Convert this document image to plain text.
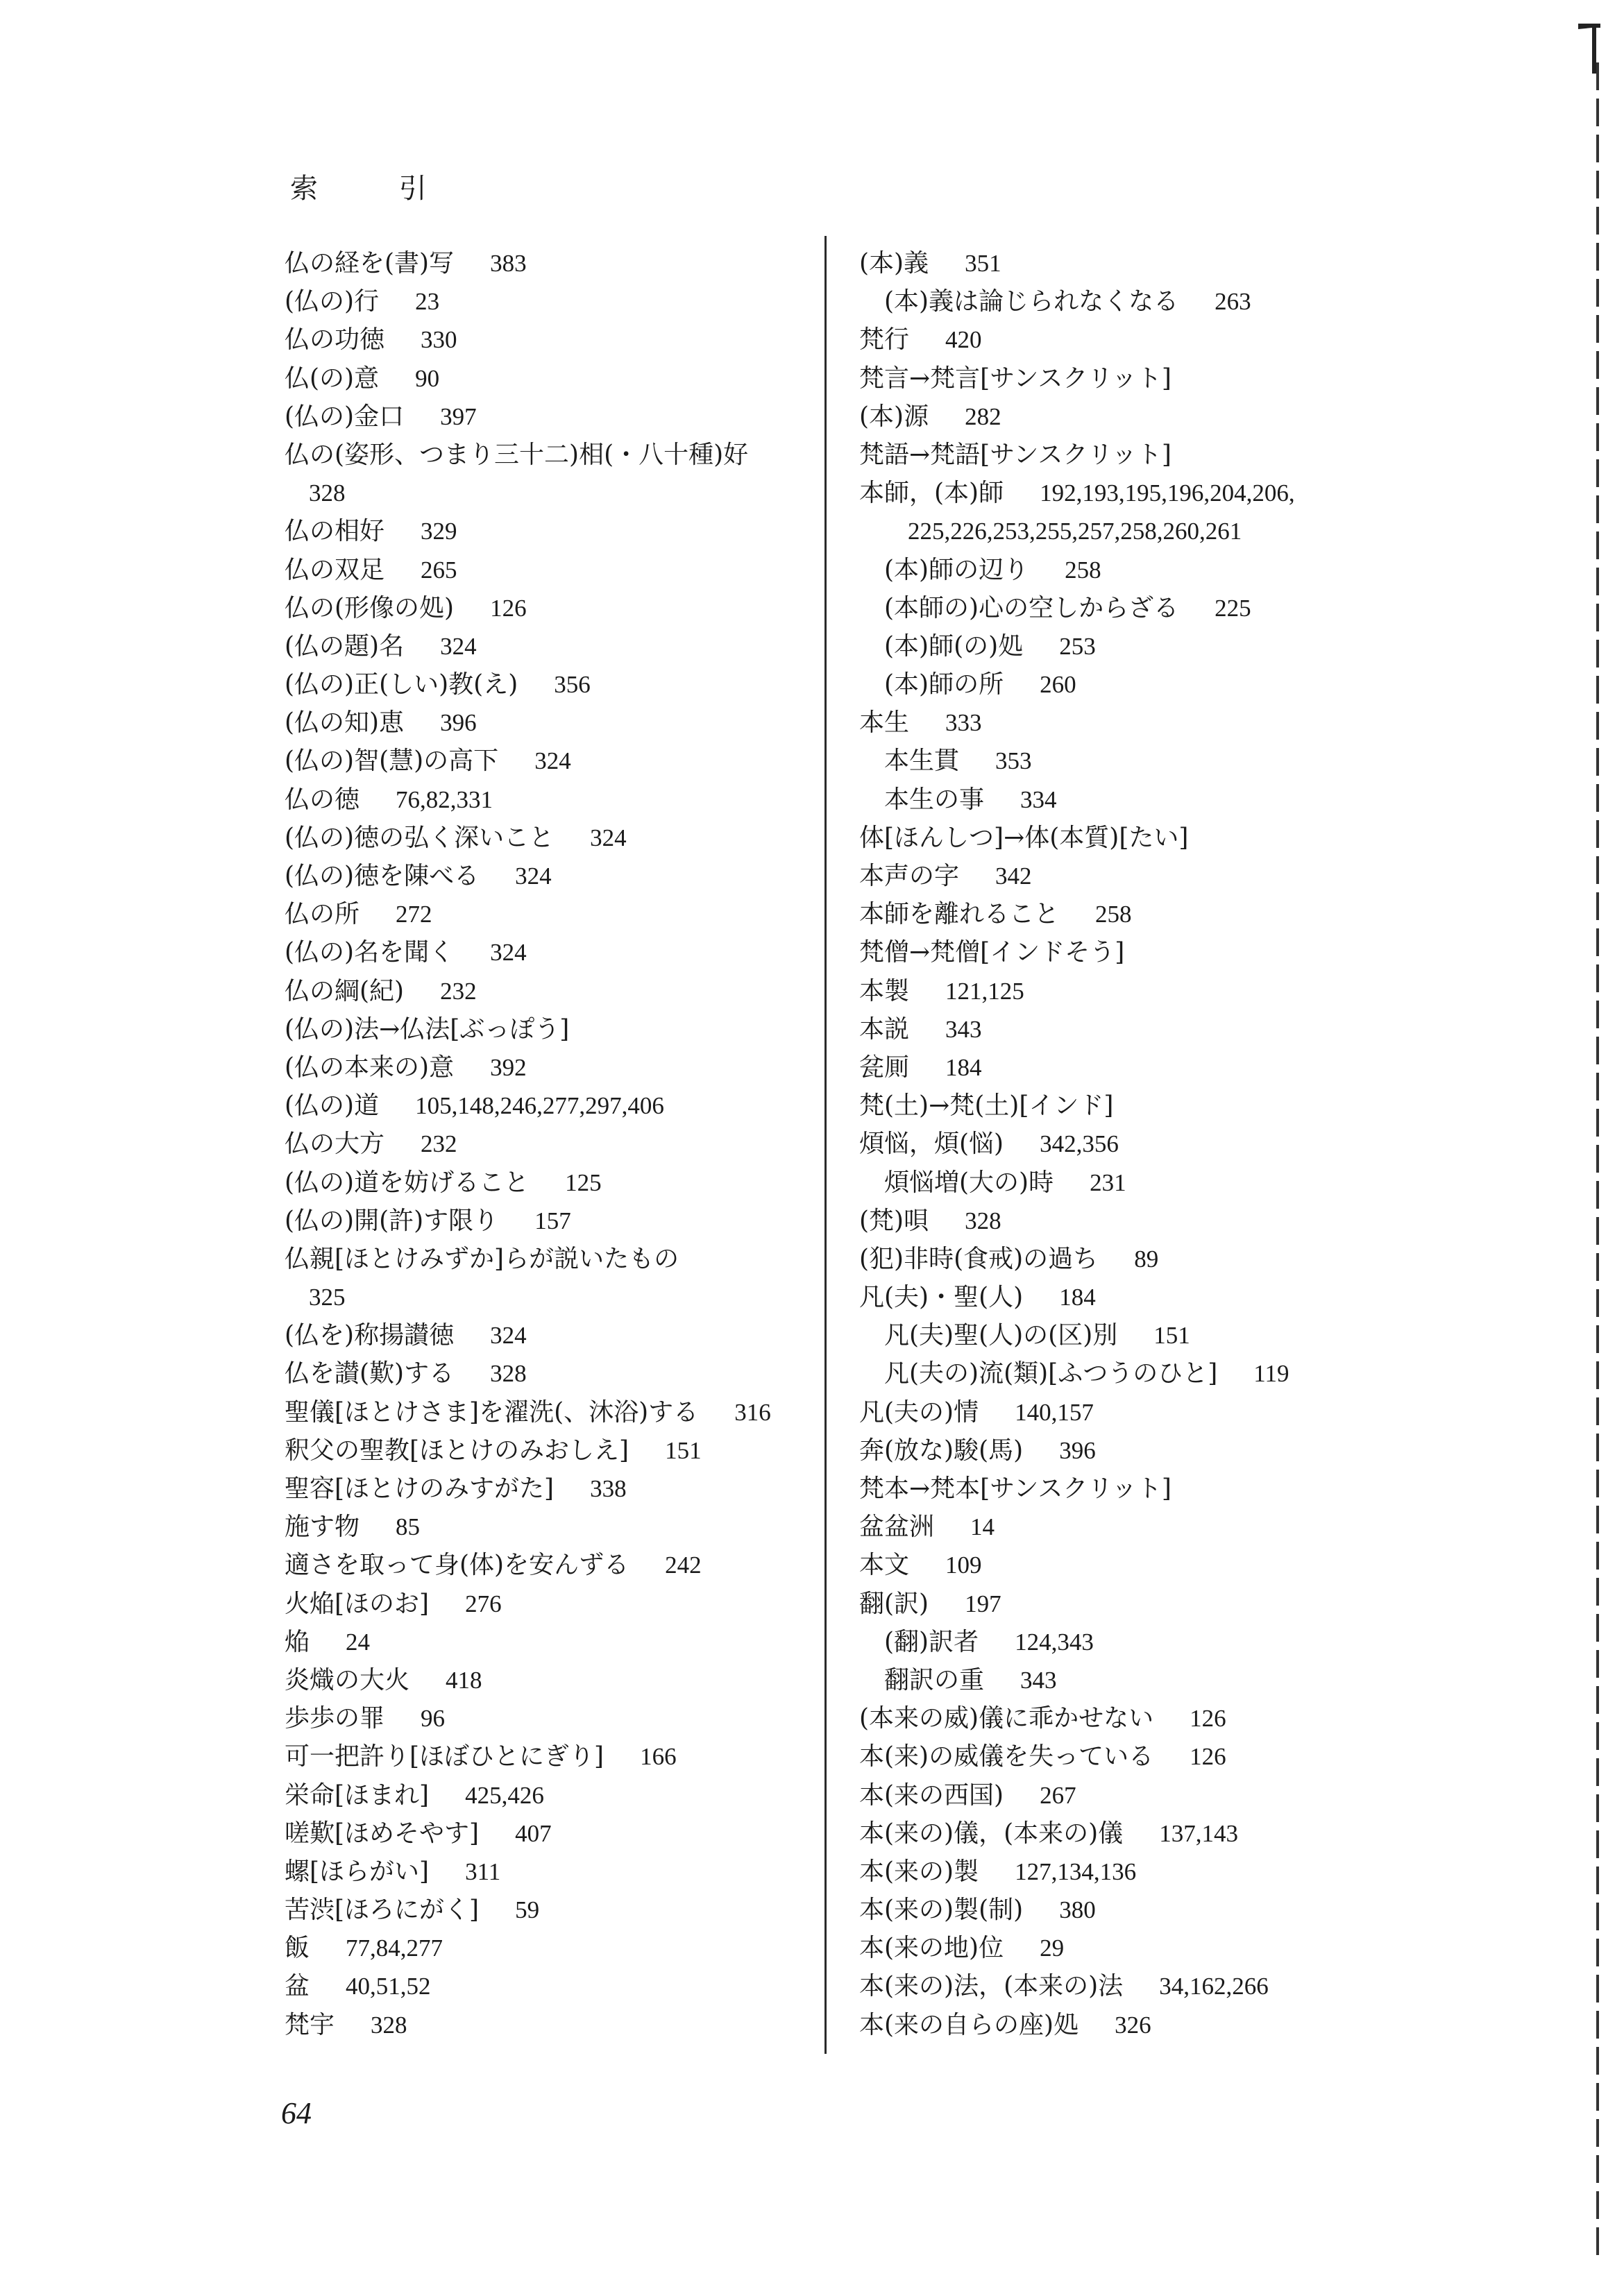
索 引
仏の経を(書)写 383
(仏の)行 23
仏の功徳 330
仏(の)意 90
(仏の)金口 397
仏の(姿形、つまり三十二)相(・八十種)好
328
仏の相好 329
仏の双足 265
仏の(形像の処) 126
(仏の題)名 324
(仏の)正(しい)教(え) 356
(仏の知)恵 396
(仏の)智(慧)の高下 324
仏の徳 76,82,331
(仏の)徳の弘く深いこと 324
(仏の)徳を陳べる 324
仏の所 272
(仏の)名を聞く 324
仏の綱(紀) 232
(仏の)法→仏法[ぶっぽう]
(仏の本来の)意 392
(仏の)道 105,148,246,277,297,406
仏の大方 232
(仏の)道を妨げること 125
(仏の)開(許)す限り 157
仏親[ほとけみずか]らが説いたもの
325
(仏を)称揚讃徳 324
仏を讃(歎)する 328
聖儀[ほとけさま]を濯洗(、沐浴)する 316
釈父の聖教[ほとけのみおしえ] 151
聖容[ほとけのみすがた] 338
施す物 85
適さを取って身(体)を安んずる 242
火焔[ほのお] 276
焔 24
炎熾の大火 418
歩歩の罪 96
可一把許り[ほぼひとにぎり] 166
栄命[ほまれ] 425,426
嗟歎[ほめそやす] 407
螺[ほらがい] 311
苦渋[ほろにがく] 59
飯 77,84,277
盆 40,51,52
梵宇 328
(本)義 351
(本)義は論じられなくなる 263
梵行 420
梵言→梵言[サンスクリット]
(本)源 282
梵語→梵語[サンスクリット]
本師，(本)師 192,193,195,196,204,206,
225,226,253,255,257,258,260,261
(本)師の辺り 258
(本師の)心の空しからざる 225
(本)師(の)処 253
(本)師の所 260
本生 333
本生貫 353
本生の事 334
体[ほんしつ]→体(本質)[たい]
本声の字 342
本師を離れること 258
梵僧→梵僧[インドそう]
本製 121,125
本説 343
瓫厠 184
梵(土)→梵(土)[インド]
煩悩，煩(悩) 342,356
煩悩増(大の)時 231
(梵)唄 328
(犯)非時(食戒)の過ち 89
凡(夫)・聖(人) 184
凡(夫)聖(人)の(区)別 151
凡(夫の)流(類)[ふつうのひと] 119
凡(夫の)情 140,157
奔(放な)駿(馬) 396
梵本→梵本[サンスクリット]
盆盆洲 14
本文 109
翻(訳) 197
(翻)訳者 124,343
翻訳の重 343
(本来の威)儀に乖かせない 126
本(来)の威儀を失っている 126
本(来の西国) 267
本(来の)儀，(本来の)儀 137,143
本(来の)製 127,134,136
本(来の)製(制) 380
本(来の地)位 29
本(来の)法，(本来の)法 34,162,266
本(来の自らの座)処 326
64
